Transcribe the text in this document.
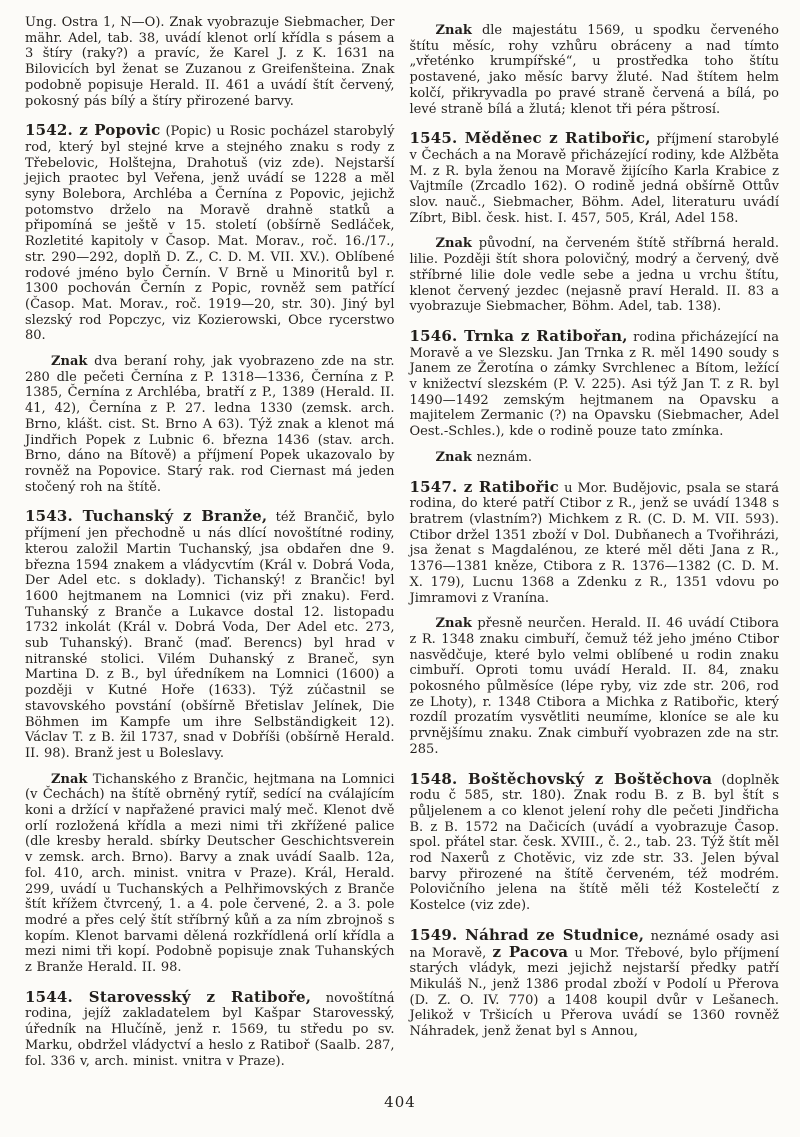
Ung. Ostra 1, N—O). Znak vyobrazuje Siebmacher, Der mähr. Adel, tab. 38, uvádí klenot orlí křídla s pásem a 3 štíry (raky?) a pravíc, že Karel J. z K. 1631 na Bilovicích byl ženat se Zuzanou z Greifenšteina. Znak podobně popisuje Herald. II. 461 a uvádí štít červený, pokosný pás bílý a štíry přirozené barvy.

1542. z Popovic (Popic) u Rosic pocházel starobylý rod, který byl stejné krve a stejného znaku s rody z Třebelovic, Holštejna, Drahotuš (viz zde). Nejstarší jejich praotec byl Veřena, jenž uvádí se 1228 a měl syny Bolebora, Archléba a Černína z Popovic, jejichž potomstvo drželo na Moravě drahně statků a připomíná se ještě v 15. století (obšírně Sedláček, Rozletité kapitoly v Časop. Mat. Morav., roč. 16./17., str. 290—292, doplň D. Z., C. D. M. VII. XV.). Oblíbené rodové jméno bylo Černín. V Brně u Minoritů byl r. 1300 pochován Černín z Popic, rovněž sem patřící (Časop. Mat. Morav., roč. 1919—20, str. 30). Jiný byl slezský rod Popczyc, viz Kozierowski, Obce rycerstwo 80.

Znak dva beraní rohy, jak vyobrazeno zde na str. 280 dle pečeti Černína z P. 1318—1336, Černína z P. 1385, Černína z Archléba, bratří z P., 1389 (Herald. II. 41, 42), Černína z P. 27. ledna 1330 (zemsk. arch. Brno, klášt. cist. St. Brno A 63). Týž znak a klenot má Jindřich Popek z Lubnic 6. března 1436 (stav. arch. Brno, dáno na Bítově) a příjmení Popek ukazovalo by rovněž na Popovice. Starý rak. rod Ciernast má jeden stočený roh na štítě.

1543. Tuchanský z Branže, též Brančič, bylo příjmení jen přechodně u nás dlící novoštítné rodiny, kterou založil Martin Tuchanský, jsa obdařen dne 9. března 1594 znakem a vládycvtím (Král v. Dobrá Voda, Der Adel etc. s doklady). Tichanský! z Brančic! byl 1600 hejtmanem na Lomnici (viz při znaku). Ferd. Tuhanský z Branče a Lukavce dostal 12. listopadu 1732 inkolát (Král v. Dobrá Voda, Der Adel etc. 273, sub Tuhanský). Branč (maď. Berencs) byl hrad v nitranské stolici. Vilém Duhanský z Braneč, syn Martina D. z B., byl úředníkem na Lomnici (1600) a později v Kutné Hoře (1633). Týž zúčastnil se stavovského povstání (obšírně Břetislav Jelínek, Die Böhmen im Kampfe um ihre Selbständigkeit 12). Václav T. z B. žil 1737, snad v Dobříši (obšírně Herald. II. 98). Branž jest u Boleslavy.

Znak Tichanského z Brančic, hejtmana na Lomnici (v Čechách) na štítě obrněný rytíř, sedící na cválajícím koni a držící v napřažené pravici malý meč. Klenot dvě orlí rozložená křídla a mezi nimi tři zkřížené palice (dle kresby herald. sbírky Deutscher Geschichtsverein v zemsk. arch. Brno). Barvy a znak uvádí Saalb. 12a, fol. 410, arch. minist. vnitra v Praze). Král, Herald. 299, uvádí u Tuchanských a Pelhřimovských z Branče štít křížem čtvrcený, 1. a 4. pole červené, 2. a 3. pole modré a přes celý štít stříbrný kůň a za ním zbrojnoš s kopím. Klenot barvami dělená rozkřídlená orlí křídla a mezi nimi tři kopí. Podobně popisuje znak Tuhanských z Branže Herald. II. 98.

1544. Starovesský z Ratiboře, novoštítná rodina, jejíž zakladatelem byl Kašpar Starovesský, úředník na Hlučíně, jenž r. 1569, tu středu po sv. Marku, obdržel vládyctví a heslo z Ratiboř (Saalb. 287, fol. 336 v, arch. minist. vnitra v Praze).

Znak dle majestátu 1569, u spodku červeného štítu měsíc, rohy vzhůru obráceny a nad tímto „vřeténko krumpířské“, u prostředka toho štítu postavené, jako měsíc barvy žluté. Nad štítem helm kolčí, přikryvadla po pravé straně červená a bílá, po levé straně bílá a žlutá; klenot tři péra pštrosí.

1545. Měděnec z Ratibořic, příjmení starobylé v Čechách a na Moravě přicházející rodiny, kde Alžběta M. z R. byla ženou na Moravě žijícího Karla Krabice z Vajtmíle (Zrcadlo 162). O rodině jedná obšírně Ottův slov. nauč., Siebmacher, Böhm. Adel, literaturu uvádí Zíbrt, Bibl. česk. hist. I. 457, 505, Král, Adel 158.

Znak původní, na červeném štítě stříbrná herald. lilie. Později štít shora polovičný, modrý a červený, dvě stříbrné lilie dole vedle sebe a jedna u vrchu štítu, klenot červený jezdec (nejasně praví Herald. II. 83 a vyobrazuje Siebmacher, Böhm. Adel, tab. 138).

1546. Trnka z Ratibořan, rodina přicházející na Moravě a ve Slezsku. Jan Trnka z R. měl 1490 soudy s Janem ze Žerotína o zámky Svrchlenec a Bítom, ležící v knižectví slezském (P. V. 225). Asi týž Jan T. z R. byl 1490—1492 zemským hejtmanem na Opavsku a majitelem Zermanic (?) na Opavsku (Siebmacher, Adel Oest.-Schles.), kde o rodině pouze tato zmínka.

Znak neznám.

1547. z Ratibořic u Mor. Budějovic, psala se stará rodina, do které patří Ctibor z R., jenž se uvádí 1348 s bratrem (vlastním?) Michkem z R. (C. D. M. VII. 593). Ctibor držel 1351 zboží v Dol. Dubňanech a Tvořihrázi, jsa ženat s Magdalénou, ze které měl děti Jana z R., 1376—1381 kněze, Ctibora z R. 1376—1382 (C. D. M. X. 179), Lucnu 1368 a Zdenku z R., 1351 vdovu po Jimramovi z Vranína.

Znak přesně neurčen. Herald. II. 46 uvádí Ctibora z R. 1348 znaku cimbuří, čemuž též jeho jméno Ctibor nasvědčuje, které bylo velmi oblíbené u rodin znaku cimbuří. Oproti tomu uvádí Herald. II. 84, znaku pokosného půlměsíce (lépe ryby, viz zde str. 206, rod ze Lhoty), r. 1348 Ctibora a Michka z Ratibořic, který rozdíl prozatím vysvětliti neumíme, kloníce se ale ku prvnějšímu znaku. Znak cimbuří vyobrazen zde na str. 285.

1548. Boštěchovský z Boštěchova (doplněk rodu č 585, str. 180). Znak rodu B. z B. byl štít s půljelenem a co klenot jelení rohy dle pečeti Jindřicha B. z B. 1572 na Dačicích (uvádí a vyobrazuje Časop. spol. přátel star. česk. XVIII., č. 2., tab. 23. Týž štít měl rod Naxerů z Chotěvic, viz zde str. 33. Jelen býval barvy přirozené na štítě červeném, též modrém. Polovičního jelena na štítě měli též Kostelečtí z Kostelce (viz zde).

1549. Náhrad ze Studnice, neznámé osady asi na Moravě, z Pacova u Mor. Třebové, bylo příjmení starých vládyk, mezi jejichž nejstarší předky patří Mikuláš N., jenž 1386 prodal zboží v Podolí u Přerova (D. Z. O. IV. 770) a 1408 koupil dvůr v Lešanech. Jelikož v Tršicích u Přerova uvádí se 1360 rovněž Náhradek, jenž ženat byl s Annou,

404
